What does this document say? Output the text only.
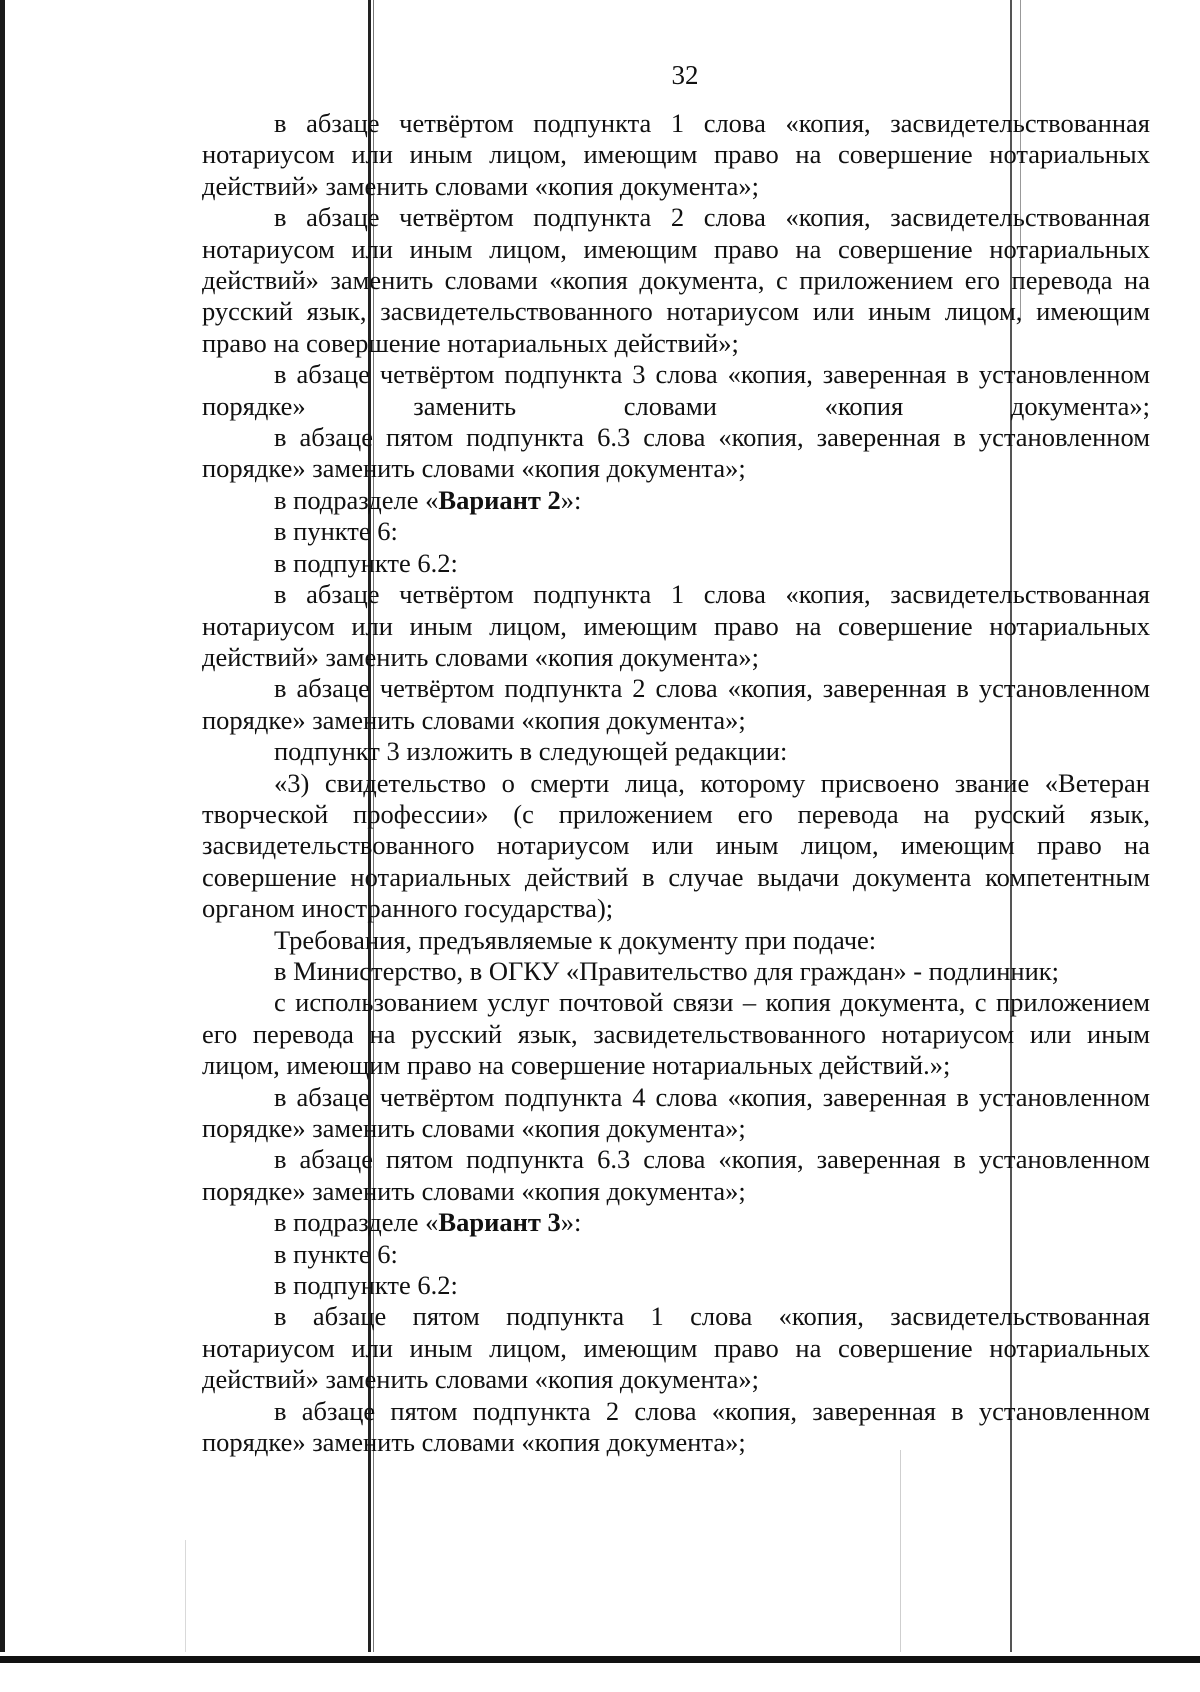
32

в абзаце четвёртом подпункта 1 слова «копия, засвидетельствованная нотариусом или иным лицом, имеющим право на совершение нотариальных действий» заменить словами «копия документа»;

в абзаце четвёртом подпункта 2 слова «копия, засвидетельствованная нотариусом или иным лицом, имеющим право на совершение нотариальных действий» заменить словами «копия документа, с приложением его перевода на русский язык, засвидетельствованного нотариусом или иным лицом, имеющим право на совершение нотариальных действий»;

в абзаце четвёртом подпункта 3 слова «копия, заверенная в установленном порядке» заменить словами «копия документа»;

в абзаце пятом подпункта 6.3 слова «копия, заверенная в установленном порядке» заменить словами «копия документа»;

в подразделе «Вариант 2»:

в пункте 6:

в подпункте 6.2:

в абзаце четвёртом подпункта 1 слова «копия, засвидетельствованная нотариусом или иным лицом, имеющим право на совершение нотариальных действий» заменить словами «копия документа»;

в абзаце четвёртом подпункта 2 слова «копия, заверенная в установленном порядке» заменить словами «копия документа»;

подпункт 3 изложить в следующей редакции:

«3) свидетельство о смерти лица, которому присвоено звание «Ветеран творческой профессии» (с приложением его перевода на русский язык, засвидетельствованного нотариусом или иным лицом, имеющим право на совершение нотариальных действий в случае выдачи документа компетентным органом иностранного государства);

Требования, предъявляемые к документу при подаче:

в Министерство, в ОГКУ «Правительство для граждан» - подлинник;

с использованием услуг почтовой связи – копия документа, с приложением его перевода на русский язык, засвидетельствованного нотариусом или иным лицом, имеющим право на совершение нотариальных действий.»;

в абзаце четвёртом подпункта 4 слова «копия, заверенная в установленном порядке» заменить словами «копия документа»;

в абзаце пятом подпункта 6.3 слова «копия, заверенная в установленном порядке» заменить словами «копия документа»;

в подразделе «Вариант 3»:

в пункте 6:

в подпункте 6.2:

в абзаце пятом подпункта 1 слова «копия, засвидетельствованная нотариусом или иным лицом, имеющим право на совершение нотариальных действий» заменить словами «копия документа»;

в абзаце пятом подпункта 2 слова «копия, заверенная в установленном порядке» заменить словами «копия документа»;
